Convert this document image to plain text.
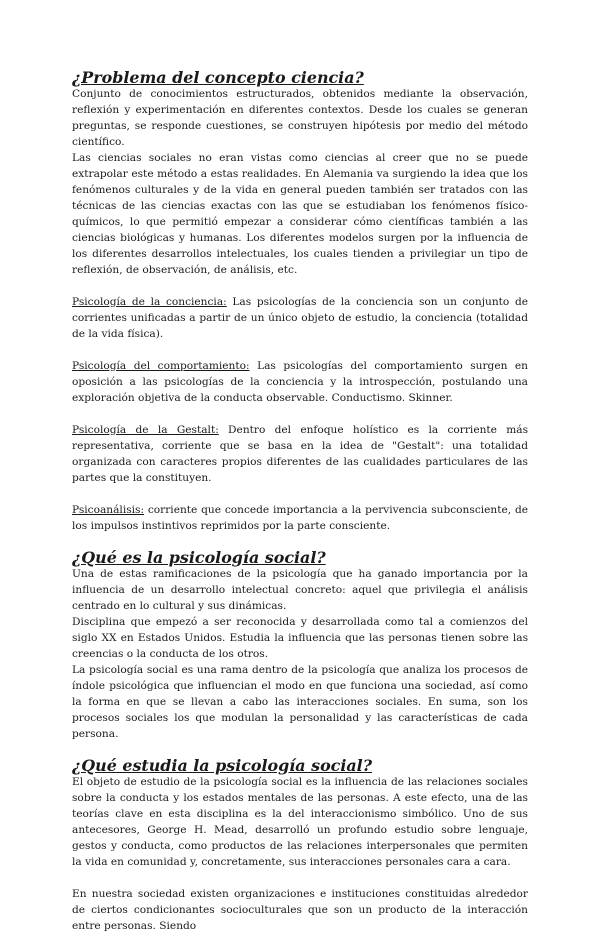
¿Problema del concepto ciencia?

Conjunto de conocimientos estructurados, obtenidos mediante la observación, reflexión y experimentación en diferentes contextos. Desde los cuales se generan preguntas, se responde cuestiones, se construyen hipótesis por medio del método científico.

Las ciencias sociales no eran vistas como ciencias al creer que no se puede extrapolar este método a estas realidades. En Alemania va surgiendo la idea que los fenómenos culturales y de la vida en general pueden también ser tratados con las técnicas de las ciencias exactas con las que se estudiaban los fenómenos físico-químicos, lo que permitió empezar a considerar cómo científicas también a las ciencias biológicas y humanas. Los diferentes modelos surgen por la influencia de los diferentes desarrollos intelectuales, los cuales tienden a privilegiar un tipo de reflexión, de observación, de análisis, etc.

Psicología de la conciencia: Las psicologías de la conciencia son un conjunto de corrientes unificadas a partir de un único objeto de estudio, la conciencia (totalidad de la vida física).

Psicología del comportamiento: Las psicologías del comportamiento surgen en oposición a las psicologías de la conciencia y la introspección, postulando una exploración objetiva de la conducta observable. Conductismo. Skinner.

Psicología de la Gestalt: Dentro del enfoque holístico es la corriente más representativa, corriente que se basa en la idea de "Gestalt": una totalidad organizada con caracteres propios diferentes de las cualidades particulares de las partes que la constituyen.

Psicoanálisis: corriente que concede importancia a la pervivencia subconsciente, de los impulsos instintivos reprimidos por la parte consciente.

¿Qué es la psicología social?

Una de estas ramificaciones de la psicología que ha ganado importancia por la influencia de un desarrollo intelectual concreto: aquel que privilegia el análisis centrado en lo cultural y sus dinámicas.

Disciplina que empezó a ser reconocida y desarrollada como tal a comienzos del siglo XX en Estados Unidos. Estudia la influencia que las personas tienen sobre las creencias o la conducta de los otros.

La psicología social es una rama dentro de la psicología que analiza los procesos de índole psicológica que influencian el modo en que funciona una sociedad, así como la forma en que se llevan a cabo las interacciones sociales. En suma, son los procesos sociales los que modulan la personalidad y las características de cada persona.

¿Qué estudia la psicología social?

El objeto de estudio de la psicología social es la influencia de las relaciones sociales sobre la conducta y los estados mentales de las personas. A este efecto, una de las teorías clave en esta disciplina es la del interaccionismo simbólico. Uno de sus antecesores, George H. Mead, desarrolló un profundo estudio sobre lenguaje, gestos y conducta, como productos de las relaciones interpersonales que permiten la vida en comunidad y, concretamente, sus interacciones personales cara a cara.

En nuestra sociedad existen organizaciones e instituciones constituidas alrededor de ciertos condicionantes socioculturales que son un producto de la interacción entre personas. Siendo
